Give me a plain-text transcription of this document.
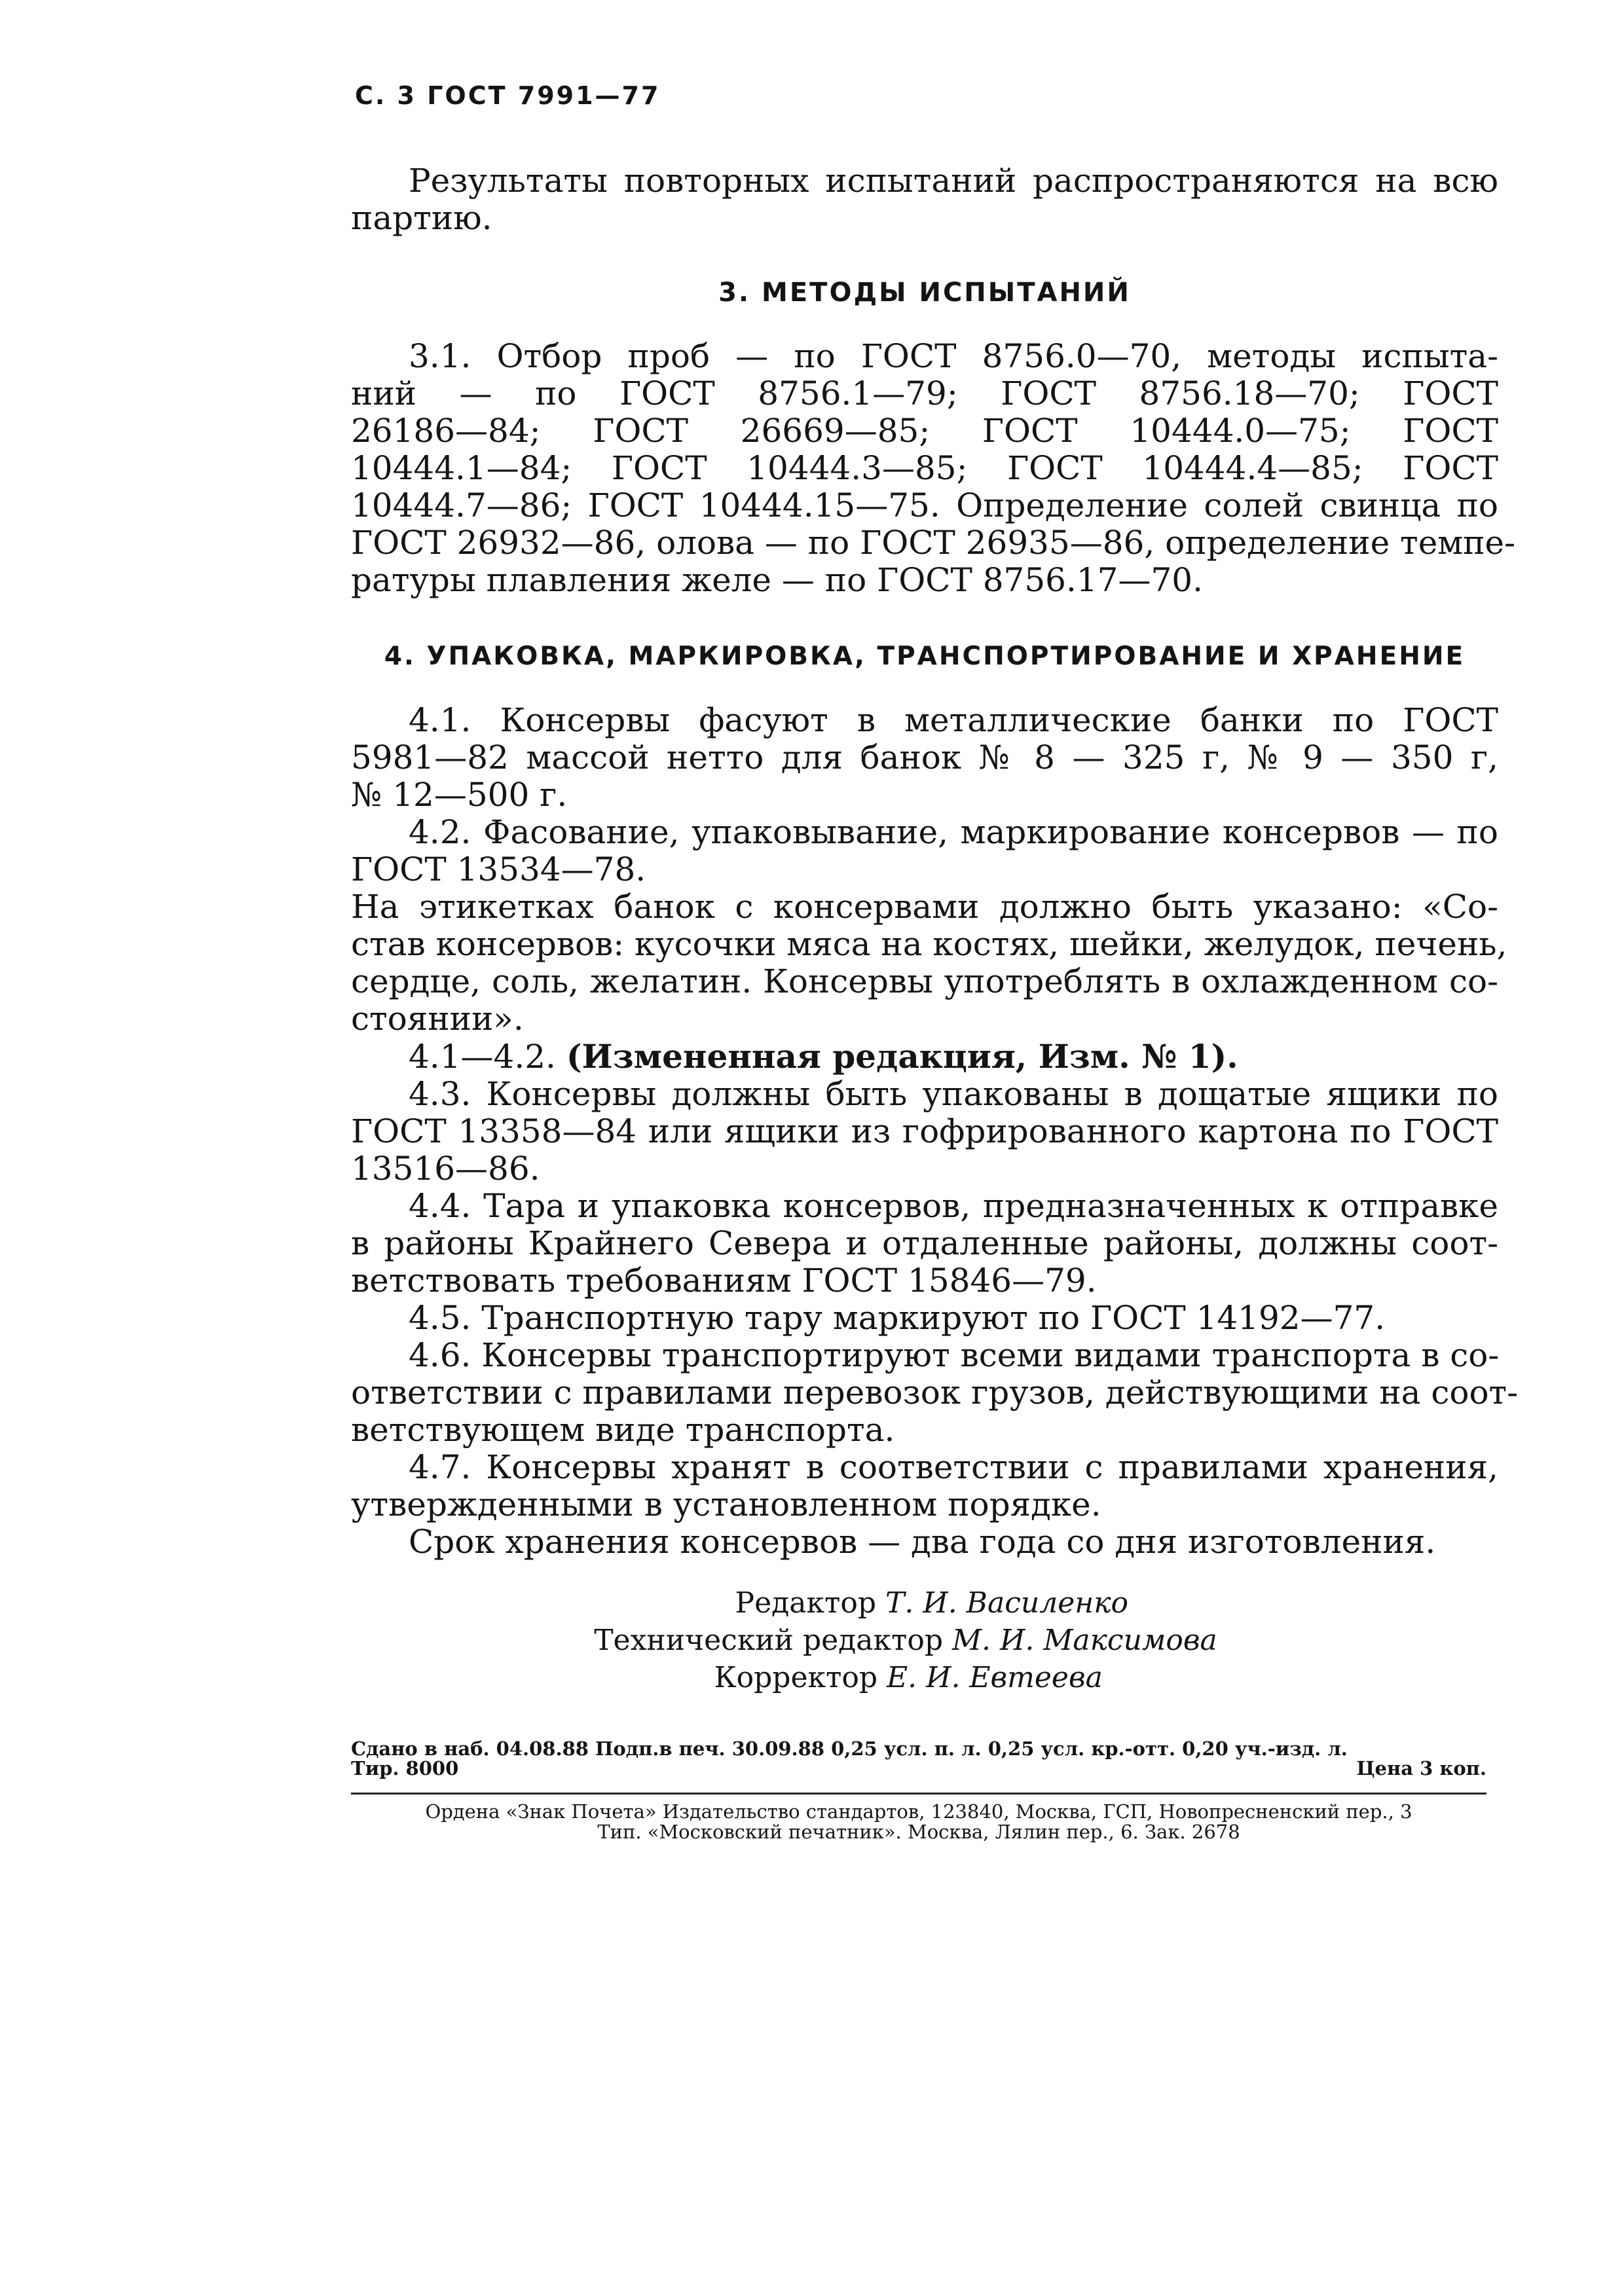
С. 3 ГОСТ 7991—77
Результаты повторных испытаний распространяются на всю
партию.
3. МЕТОДЫ ИСПЫТАНИЙ
3.1. Отбор проб — по ГОСТ 8756.0—70, методы испыта-
ний — по ГОСТ 8756.1—79; ГОСТ 8756.18—70; ГОСТ
26186—84; ГОСТ 26669—85; ГОСТ 10444.0—75; ГОСТ
10444.1—84; ГОСТ 10444.3—85; ГОСТ 10444.4—85; ГОСТ
10444.7—86; ГОСТ 10444.15—75. Определение солей свинца по
ГОСТ 26932—86, олова — по ГОСТ 26935—86, определение темпе-
ратуры плавления желе — по ГОСТ 8756.17—70.
4. УПАКОВКА, МАРКИРОВКА, ТРАНСПОРТИРОВАНИЕ И ХРАНЕНИЕ
4.1. Консервы фасуют в металлические банки по ГОСТ
5981—82 массой нетто для банок № 8 — 325 г, № 9 — 350 г,
№ 12—500 г.
4.2. Фасование, упаковывание, маркирование консервов — по
ГОСТ 13534—78.
На этикетках банок с консервами должно быть указано: «Со-
став консервов: кусочки мяса на костях, шейки, желудок, печень,
сердце, соль, желатин. Консервы употреблять в охлажденном со-
стоянии».
4.1—4.2. (Измененная редакция, Изм. № 1).
4.3. Консервы должны быть упакованы в дощатые ящики по
ГОСТ 13358—84 или ящики из гофрированного картона по ГОСТ
13516—86.
4.4. Тара и упаковка консервов, предназначенных к отправке
в районы Крайнего Севера и отдаленные районы, должны соот-
ветствовать требованиям ГОСТ 15846—79.
4.5. Транспортную тару маркируют по ГОСТ 14192—77.
4.6. Консервы транспортируют всеми видами транспорта в со-
ответствии с правилами перевозок грузов, действующими на соот-
ветствующем виде транспорта.
4.7. Консервы хранят в соответствии с правилами хранения,
утвержденными в установленном порядке.
Срок хранения консервов — два года со дня изготовления.
Редактор Т. И. Василенко
Технический редактор М. И. Максимова
Корректор Е. И. Евтеева
Сдано в наб. 04.08.88 Подп.в печ. 30.09.88 0,25 усл. п. л. 0,25 усл. кр.-отт. 0,20 уч.-изд. л.
Тир. 8000	Цена 3 коп.
Ордена «Знак Почета» Издательство стандартов, 123840, Москва, ГСП, Новопресненский пер., 3
Тип. «Московский печатник». Москва, Лялин пер., 6. Зак. 2678
